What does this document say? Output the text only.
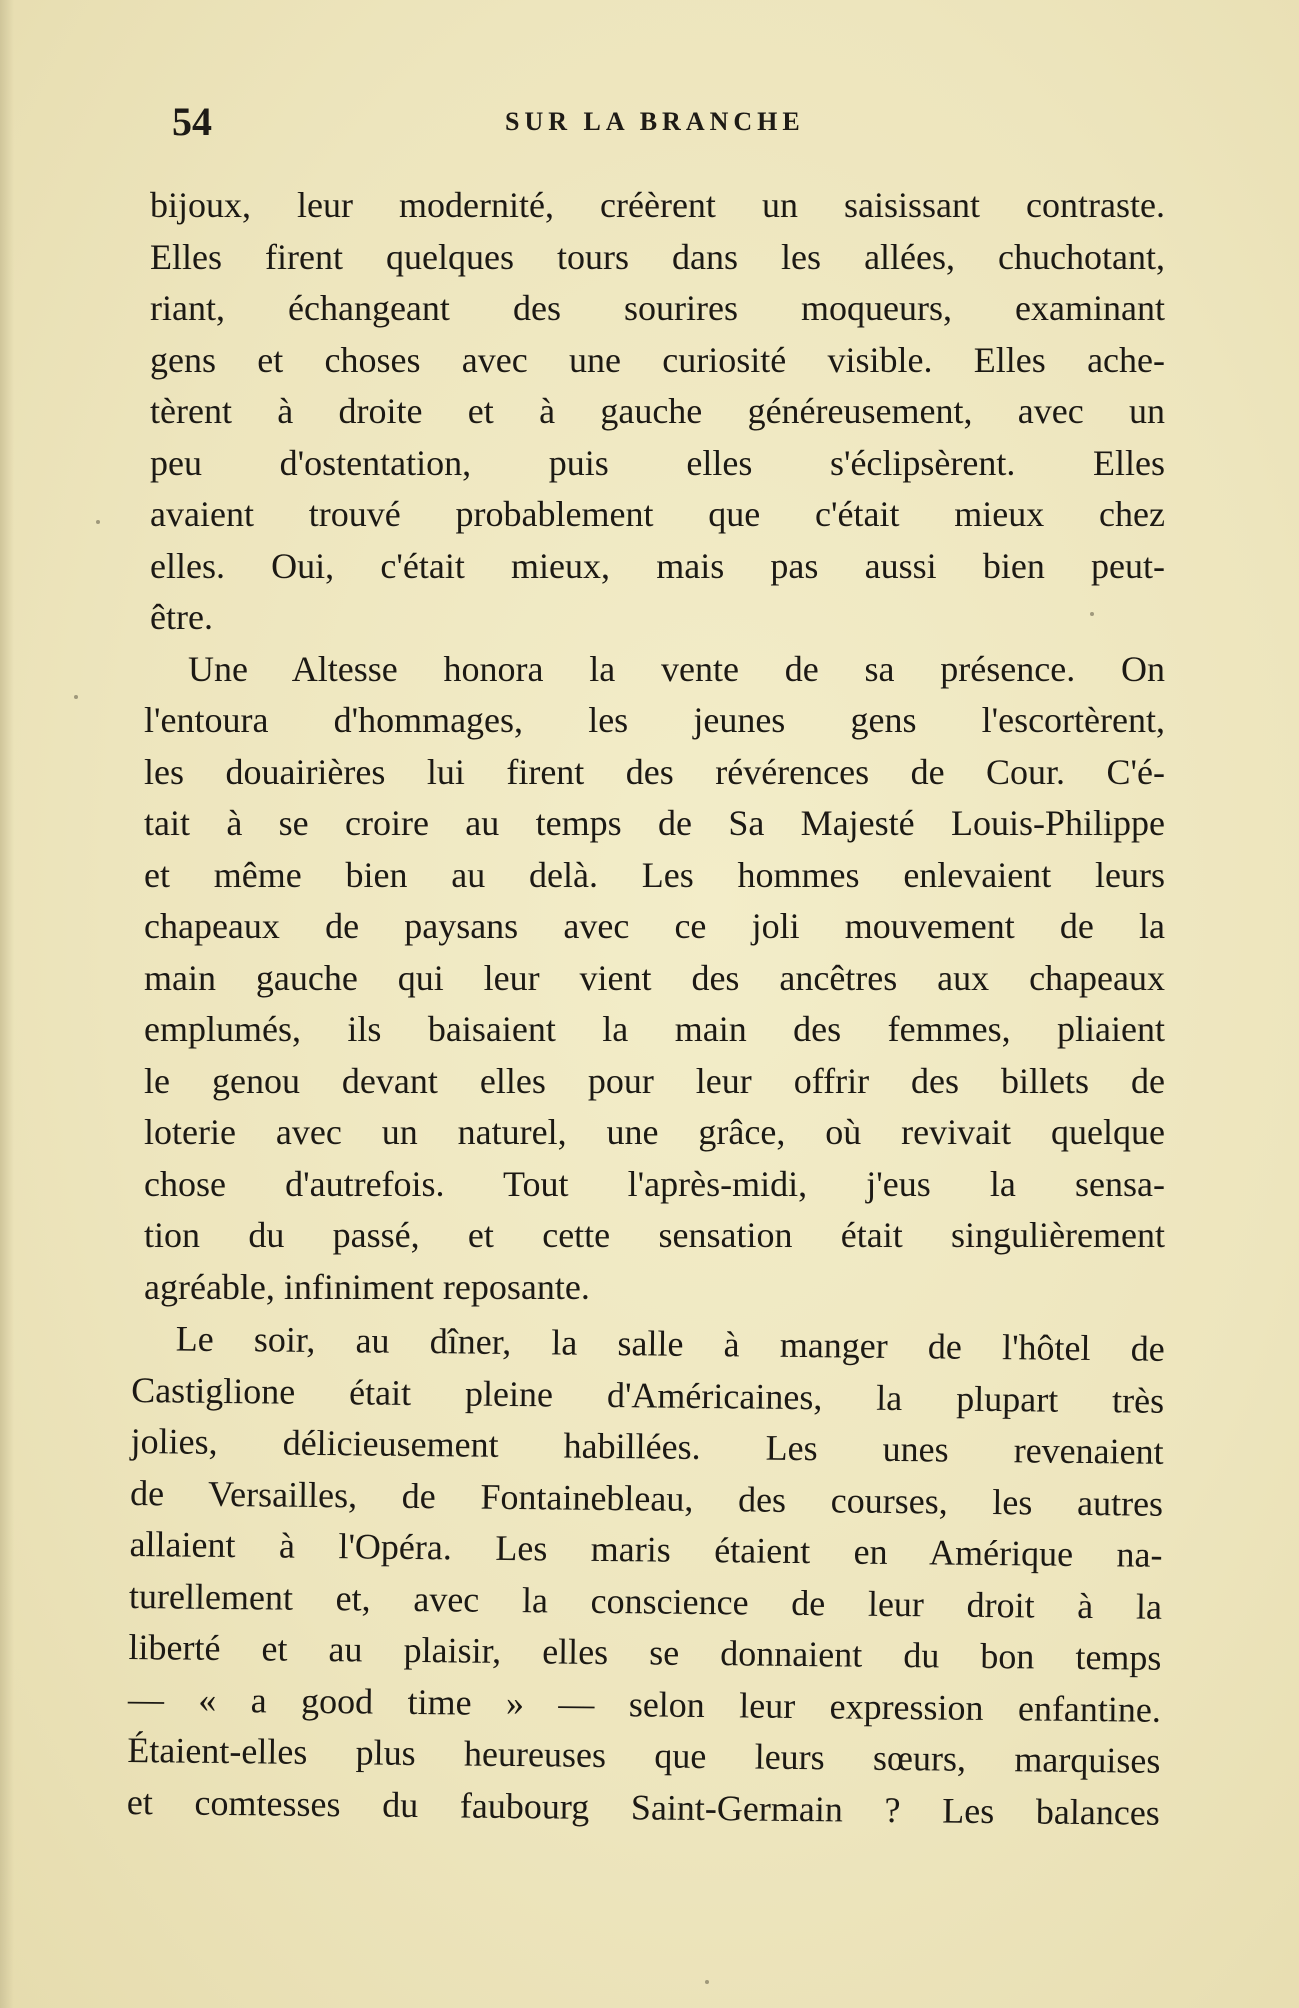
54	SUR LA BRANCHE
bijoux, leur modernité, créèrent un saisissant contraste.
Elles firent quelques tours dans les allées, chuchotant,
riant, échangeant des sourires moqueurs, examinant
gens et choses avec une curiosité visible. Elles ache-
tèrent à droite et à gauche généreusement, avec un
peu d'ostentation, puis elles s'éclipsèrent. Elles
avaient trouvé probablement que c'était mieux chez
elles. Oui, c'était mieux, mais pas aussi bien peut-
être.
Une Altesse honora la vente de sa présence. On
l'entoura d'hommages, les jeunes gens l'escortèrent,
les douairières lui firent des révérences de Cour. C'é-
tait à se croire au temps de Sa Majesté Louis-Philippe
et même bien au delà. Les hommes enlevaient leurs
chapeaux de paysans avec ce joli mouvement de la
main gauche qui leur vient des ancêtres aux chapeaux
emplumés, ils baisaient la main des femmes, pliaient
le genou devant elles pour leur offrir des billets de
loterie avec un naturel, une grâce, où revivait quelque
chose d'autrefois. Tout l'après-midi, j'eus la sensa-
tion du passé, et cette sensation était singulièrement
agréable, infiniment reposante.
Le soir, au dîner, la salle à manger de l'hôtel de
Castiglione était pleine d'Américaines, la plupart très
jolies, délicieusement habillées. Les unes revenaient
de Versailles, de Fontainebleau, des courses, les autres
allaient à l'Opéra. Les maris étaient en Amérique na-
turellement et, avec la conscience de leur droit à la
liberté et au plaisir, elles se donnaient du bon temps
— « a good time » — selon leur expression enfantine.
Étaient-elles plus heureuses que leurs sœurs, marquises
et comtesses du faubourg Saint-Germain ? Les balances
